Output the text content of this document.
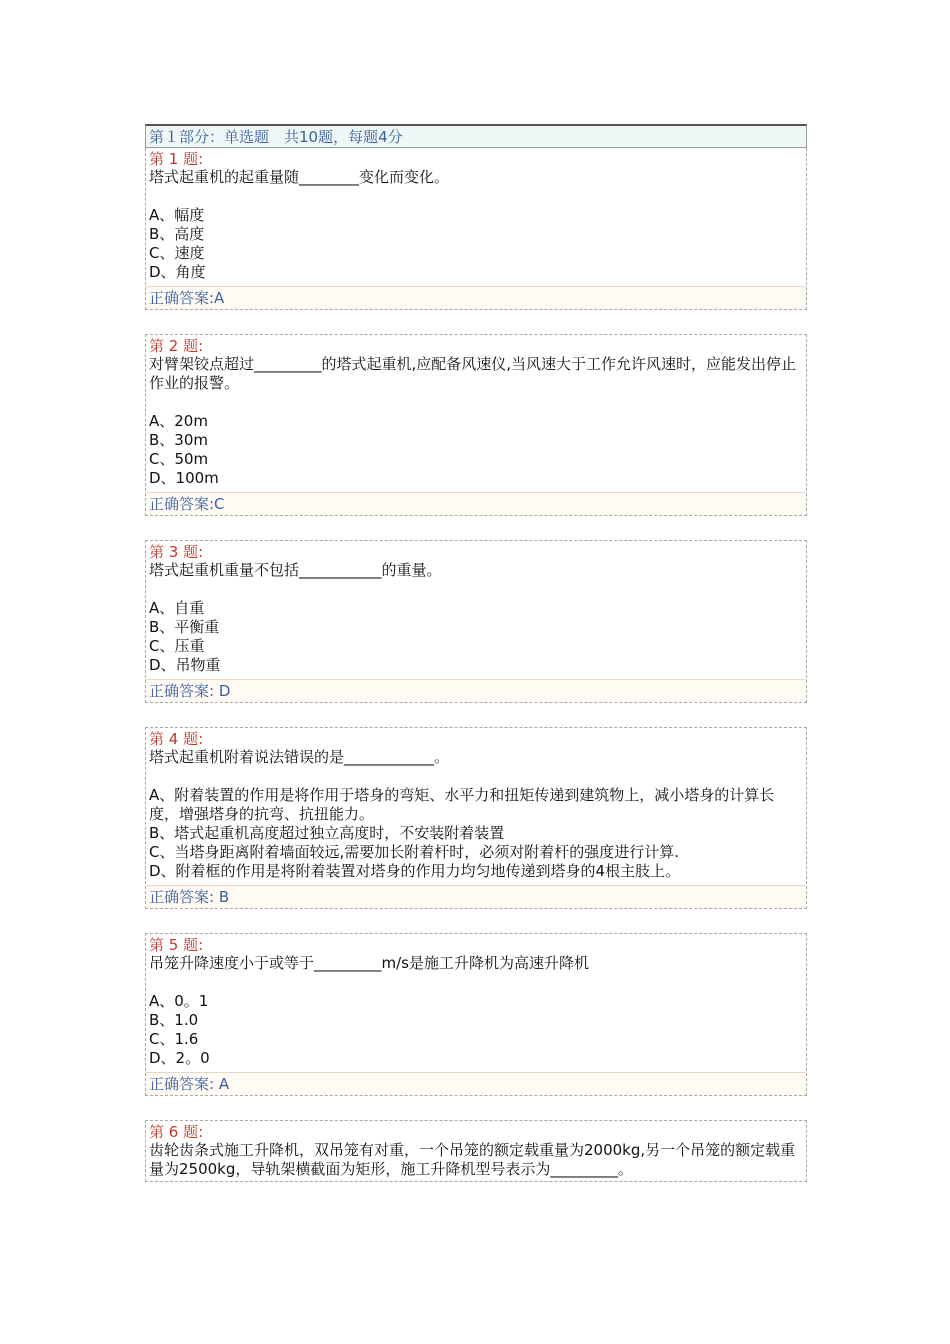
第１部分：单选题　共10题，每题4分
第 1 题:
塔式起重机的起重量随________变化而变化。
A、幅度
B、高度
C、速度
D、角度
正确答案:A
第 2 题:
对臂架铰点超过_________的塔式起重机,应配备风速仪,当风速大于工作允许风速时，应能发出停止作业的报警。
A、20m
B、30m
C、50m
D、100m
正确答案:C
第 3 题:
塔式起重机重量不包括___________的重量。
A、自重
B、平衡重
C、压重
D、吊物重
正确答案: D
第 4 题:
塔式起重机附着说法错误的是____________。
A、附着装置的作用是将作用于塔身的弯矩、水平力和扭矩传递到建筑物上，减小塔身的计算长度，增强塔身的抗弯、抗扭能力。
B、塔式起重机高度超过独立高度时，不安装附着装置
C、当塔身距离附着墙面较远,需要加长附着杆时，必须对附着杆的强度进行计算.
D、附着框的作用是将附着装置对塔身的作用力均匀地传递到塔身的4根主肢上。
正确答案: B
第 5 题:
吊笼升降速度小于或等于_________m/s是施工升降机为高速升降机
A、0。1
B、1.0
C、1.6
D、2。0
正确答案: A
第 6 题:
齿轮齿条式施工升降机，双吊笼有对重，一个吊笼的额定载重量为2000kg,另一个吊笼的额定载重量为2500kg，导轨架横截面为矩形，施工升降机型号表示为_________。
